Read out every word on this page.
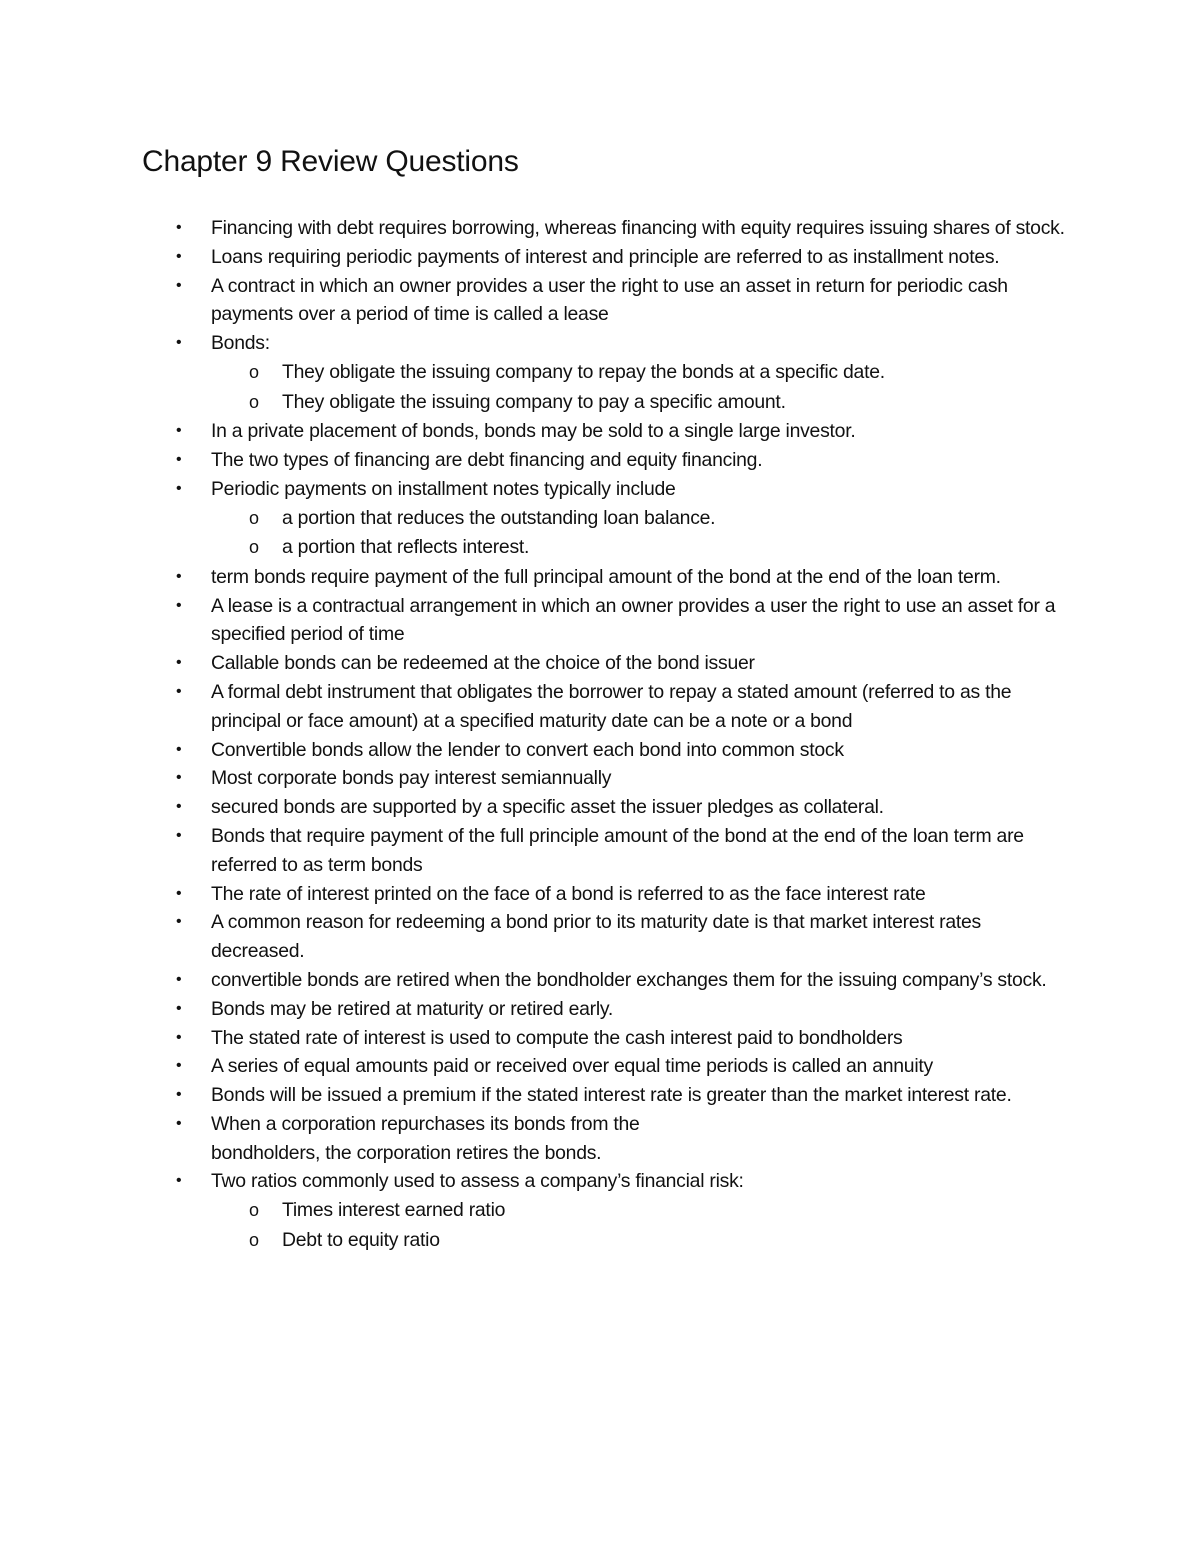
Chapter 9 Review Questions
• Financing with debt requires borrowing, whereas financing with equity requires issuing shares of stock.
• Loans requiring periodic payments of interest and principle are referred to as installment notes.
• A contract in which an owner provides a user the right to use an asset in return for periodic cash payments over a period of time is called a lease
• Bonds:
o They obligate the issuing company to repay the bonds at a specific date.
o They obligate the issuing company to pay a specific amount.
• In a private placement of bonds, bonds may be sold to a single large investor.
• The two types of financing are debt financing and equity financing.
• Periodic payments on installment notes typically include
o a portion that reduces the outstanding loan balance.
o a portion that reflects interest.
• term bonds require payment of the full principal amount of the bond at the end of the loan term.
• A lease is a contractual arrangement in which an owner provides a user the right to use an asset for a specified period of time
• Callable bonds can be redeemed at the choice of the bond issuer
• A formal debt instrument that obligates the borrower to repay a stated amount (referred to as the principal or face amount) at a specified maturity date can be a note or a bond
• Convertible bonds allow the lender to convert each bond into common stock
• Most corporate bonds pay interest semiannually
• secured bonds are supported by a specific asset the issuer pledges as collateral.
• Bonds that require payment of the full principle amount of the bond at the end of the loan term are referred to as term bonds
• The rate of interest printed on the face of a bond is referred to as the face interest rate
• A common reason for redeeming a bond prior to its maturity date is that market interest rates decreased.
• convertible bonds are retired when the bondholder exchanges them for the issuing company’s stock.
• Bonds may be retired at maturity or retired early.
• The stated rate of interest is used to compute the cash interest paid to bondholders
• A series of equal amounts paid or received over equal time periods is called an annuity
• Bonds will be issued a premium if the stated interest rate is greater than the market interest rate.
• When a corporation repurchases its bonds from the
bondholders, the corporation retires the bonds.
• Two ratios commonly used to assess a company’s financial risk:
o Times interest earned ratio
o Debt to equity ratio
